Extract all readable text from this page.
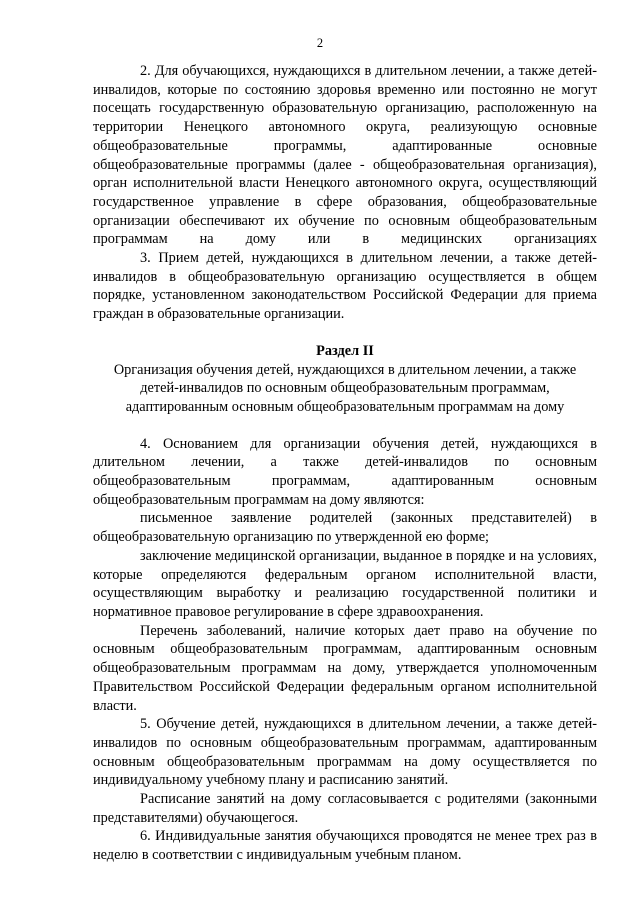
2

2. Для обучающихся, нуждающихся в длительном лечении, а также детей-инвалидов, которые по состоянию здоровья временно или постоянно не могут посещать государственную образовательную организацию, расположенную на территории Ненецкого автономного округа, реализующую основные общеобразовательные программы, адаптированные основные общеобразовательные программы (далее - общеобразовательная организация), орган исполнительной власти Ненецкого автономного округа, осуществляющий государственное управление в сфере образования, общеобразовательные организации обеспечивают их обучение по основным общеобразовательным программам на дому или в медицинских организациях

3. Прием детей, нуждающихся в длительном лечении, а также детей-инвалидов в общеобразовательную организацию осуществляется в общем порядке, установленном законодательством Российской Федерации для приема граждан в образовательные организации.

Раздел II
Организация обучения детей, нуждающихся в длительном лечении, а также детей-инвалидов по основным общеобразовательным программам, адаптированным основным общеобразовательным программам на дому

4. Основанием для организации обучения детей, нуждающихся в длительном лечении, а также детей-инвалидов по основным общеобразовательным программам, адаптированным основным общеобразовательным программам на дому являются:

письменное заявление родителей (законных представителей) в общеобразовательную организацию по утвержденной ею форме;

заключение медицинской организации, выданное в порядке и на условиях, которые определяются федеральным органом исполнительной власти, осуществляющим выработку и реализацию государственной политики и нормативное правовое регулирование в сфере здравоохранения.

Перечень заболеваний, наличие которых дает право на обучение по основным общеобразовательным программам, адаптированным основным общеобразовательным программам на дому, утверждается уполномоченным Правительством Российской Федерации федеральным органом исполнительной власти.

5. Обучение детей, нуждающихся в длительном лечении, а также детей-инвалидов по основным общеобразовательным программам, адаптированным основным общеобразовательным программам на дому осуществляется по индивидуальному учебному плану и расписанию занятий.

Расписание занятий на дому согласовывается с родителями (законными представителями) обучающегося.

6. Индивидуальные занятия обучающихся проводятся не менее трех раз в неделю в соответствии с индивидуальным учебным планом.
